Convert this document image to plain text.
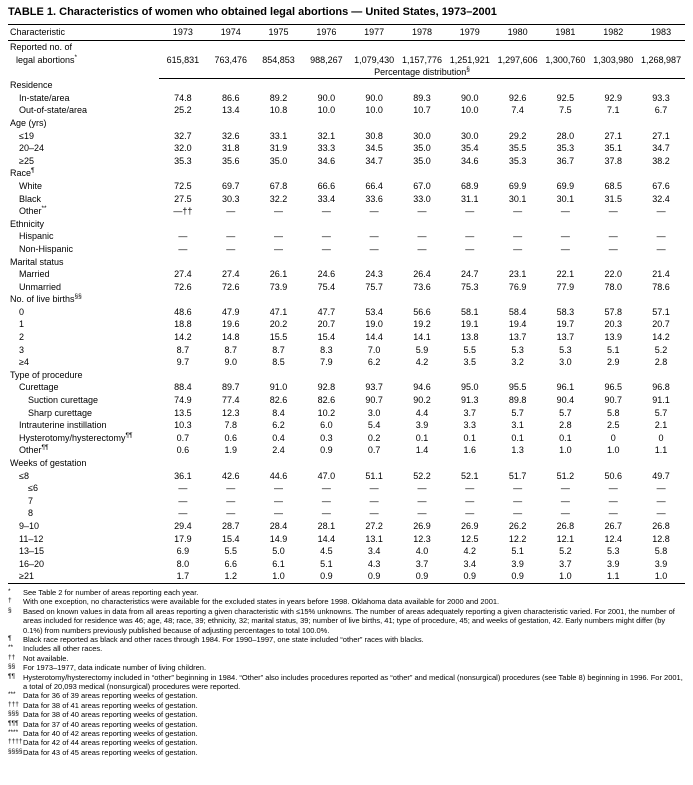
TABLE 1. Characteristics of women who obtained legal abortions — United States, 1973–2001
Characteristic	1973	1974	1975	1976	1977	1978	1979	1980	1981	1982	1983

Reported no. of
legal abortions*	615,831	763,476	854,853	988,267	1,079,430	1,157,776	1,251,921	1,297,606	1,300,760	1,303,980	1,268,987
	Percentage distribution§
Residence											
In-state/area	74.8	86.6	89.2	90.0	90.0	89.3	90.0	92.6	92.5	92.9	93.3
Out-of-state/area	25.2	13.4	10.8	10.0	10.0	10.7	10.0	7.4	7.5	7.1	6.7
Age (yrs)											
≤19	32.7	32.6	33.1	32.1	30.8	30.0	30.0	29.2	28.0	27.1	27.1
20–24	32.0	31.8	31.9	33.3	34.5	35.0	35.4	35.5	35.3	35.1	34.7
≥25	35.3	35.6	35.0	34.6	34.7	35.0	34.6	35.3	36.7	37.8	38.2
Race¶
White	72.5	69.7	67.8	66.6	66.4	67.0	68.9	69.9	69.9	68.5	67.6
Black	27.5	30.3	32.2	33.4	33.6	33.0	31.1	30.1	30.1	31.5	32.4
Other**	—††	—	—	—	—	—	—	—	—	—	—
Ethnicity											
Hispanic	—	—	—	—	—	—	—	—	—	—	—
Non-Hispanic	—	—	—	—	—	—	—	—	—	—	—
Marital status											
Married	27.4	27.4	26.1	24.6	24.3	26.4	24.7	23.1	22.1	22.0	21.4
Unmarried	72.6	72.6	73.9	75.4	75.7	73.6	75.3	76.9	77.9	78.0	78.6
No. of live births§§
0	48.6	47.9	47.1	47.7	53.4	56.6	58.1	58.4	58.3	57.8	57.1
1	18.8	19.6	20.2	20.7	19.0	19.2	19.1	19.4	19.7	20.3	20.7
2	14.2	14.8	15.5	15.4	14.4	14.1	13.8	13.7	13.7	13.9	14.2
3	8.7	8.7	8.7	8.3	7.0	5.9	5.5	5.3	5.3	5.1	5.2
≥4	9.7	9.0	8.5	7.9	6.2	4.2	3.5	3.2	3.0	2.9	2.8
Type of procedure											
Curettage	88.4	89.7	91.0	92.8	93.7	94.6	95.0	95.5	96.1	96.5	96.8
Suction curettage	74.9	77.4	82.6	82.6	90.7	90.2	91.3	89.8	90.4	90.7	91.1
Sharp curettage	13.5	12.3	8.4	10.2	3.0	4.4	3.7	5.7	5.7	5.8	5.7
Intrauterine instillation	10.3	7.8	6.2	6.0	5.4	3.9	3.3	3.1	2.8	2.5	2.1
Hysterotomy/hysterectomy¶¶	0.7	0.6	0.4	0.3	0.2	0.1	0.1	0.1	0.1	0	0
Other¶¶	0.6	1.9	2.4	0.9	0.7	1.4	1.6	1.3	1.0	1.0	1.1
Weeks of gestation											
≤8	36.1	42.6	44.6	47.0	51.1	52.2	52.1	51.7	51.2	50.6	49.7
≤6	—	—	—	—	—	—	—	—	—	—	—
7	—	—	—	—	—	—	—	—	—	—	—
8	—	—	—	—	—	—	—	—	—	—	—
9–10	29.4	28.7	28.4	28.1	27.2	26.9	26.9	26.2	26.8	26.7	26.8
11–12	17.9	15.4	14.9	14.4	13.1	12.3	12.5	12.2	12.1	12.4	12.8
13–15	6.9	5.5	5.0	4.5	3.4	4.0	4.2	5.1	5.2	5.3	5.8
16–20	8.0	6.6	6.1	5.1	4.3	3.7	3.4	3.9	3.7	3.9	3.9
≥21	1.7	1.2	1.0	0.9	0.9	0.9	0.9	0.9	1.0	1.1	1.0
*	See Table 2 for number of areas reporting each year.
†	With one exception, no characteristics were available for the excluded states in years before 1998. Oklahoma data available for 2000 and 2001.
§	Based on known values in data from all areas reporting a given characteristic with ≤15% unknowns. The number of areas adequately reporting a given characteristic varied. For 2001, the number of areas included for residence was 46; age, 48; race, 39; ethnicity, 32; marital status, 39; number of live births, 41; type of procedure, 45; and weeks of gestation, 42. Early numbers might differ (by 0.1%) from numbers previously published because of adjusting percentages to total 100.0%.
¶	Black race reported as black and other races through 1984. For 1990–1997, one state included “other” races with blacks.
**	Includes all other races.
††	Not available.
§§	For 1973–1977, data indicate number of living children.
¶¶	Hysterotomy/hysterectomy included in “other” beginning in 1984. “Other” also includes procedures reported as “other” and medical (nonsurgical) procedures (see Table 8) beginning in 1996. For 2001, a total of 20,093 medical (nonsurgical) procedures were reported.
*** Data for 36 of 39 areas reporting weeks of gestation.
††† Data for 38 of 41 areas reporting weeks of gestation.
§§§ Data for 38 of 40 areas reporting weeks of gestation.
¶¶¶ Data for 37 of 40 areas reporting weeks of gestation.
**** Data for 40 of 42 areas reporting weeks of gestation.
†††† Data for 42 of 44 areas reporting weeks of gestation.
§§§§ Data for 43 of 45 areas reporting weeks of gestation.
